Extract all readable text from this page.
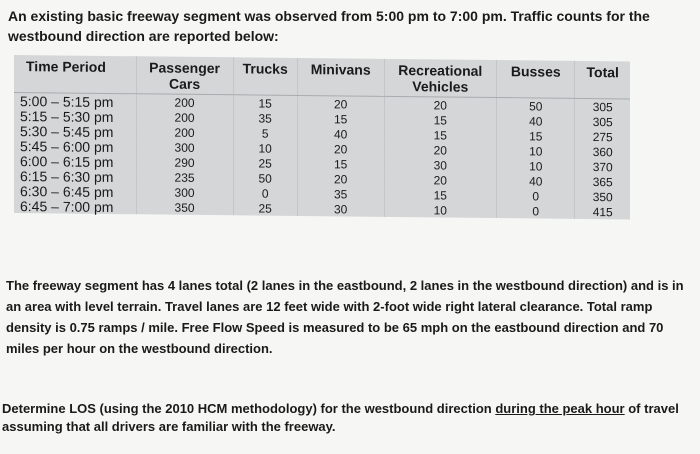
An existing basic freeway segment was observed from 5:00 pm to 7:00 pm. Traffic counts for the westbound direction are reported below:
Time Period	Passenger Cars	Trucks	Minivans	Recreational Vehicles	Busses	Total
5:00 – 5:15 pm	200	15	20	20	50	305
5:15 – 5:30 pm	200	35	15	15	40	305
5:30 – 5:45 pm	200	5	40	15	15	275
5:45 – 6:00 pm	300	10	20	20	10	360
6:00 – 6:15 pm	290	25	15	30	10	370
6:15 – 6:30 pm	235	50	20	20	40	365
6:30 – 6:45 pm	300	0	35	15	0	350
6:45 – 7:00 pm	350	25	30	10	0	415
The freeway segment has 4 lanes total (2 lanes in the eastbound, 2 lanes in the westbound direction) and is in an area with level terrain. Travel lanes are 12 feet wide with 2-foot wide right lateral clearance. Total ramp density is 0.75 ramps / mile. Free Flow Speed is measured to be 65 mph on the eastbound direction and 70 miles per hour on the westbound direction.
Determine LOS (using the 2010 HCM methodology) for the westbound direction during the peak hour of travel assuming that all drivers are familiar with the freeway.
